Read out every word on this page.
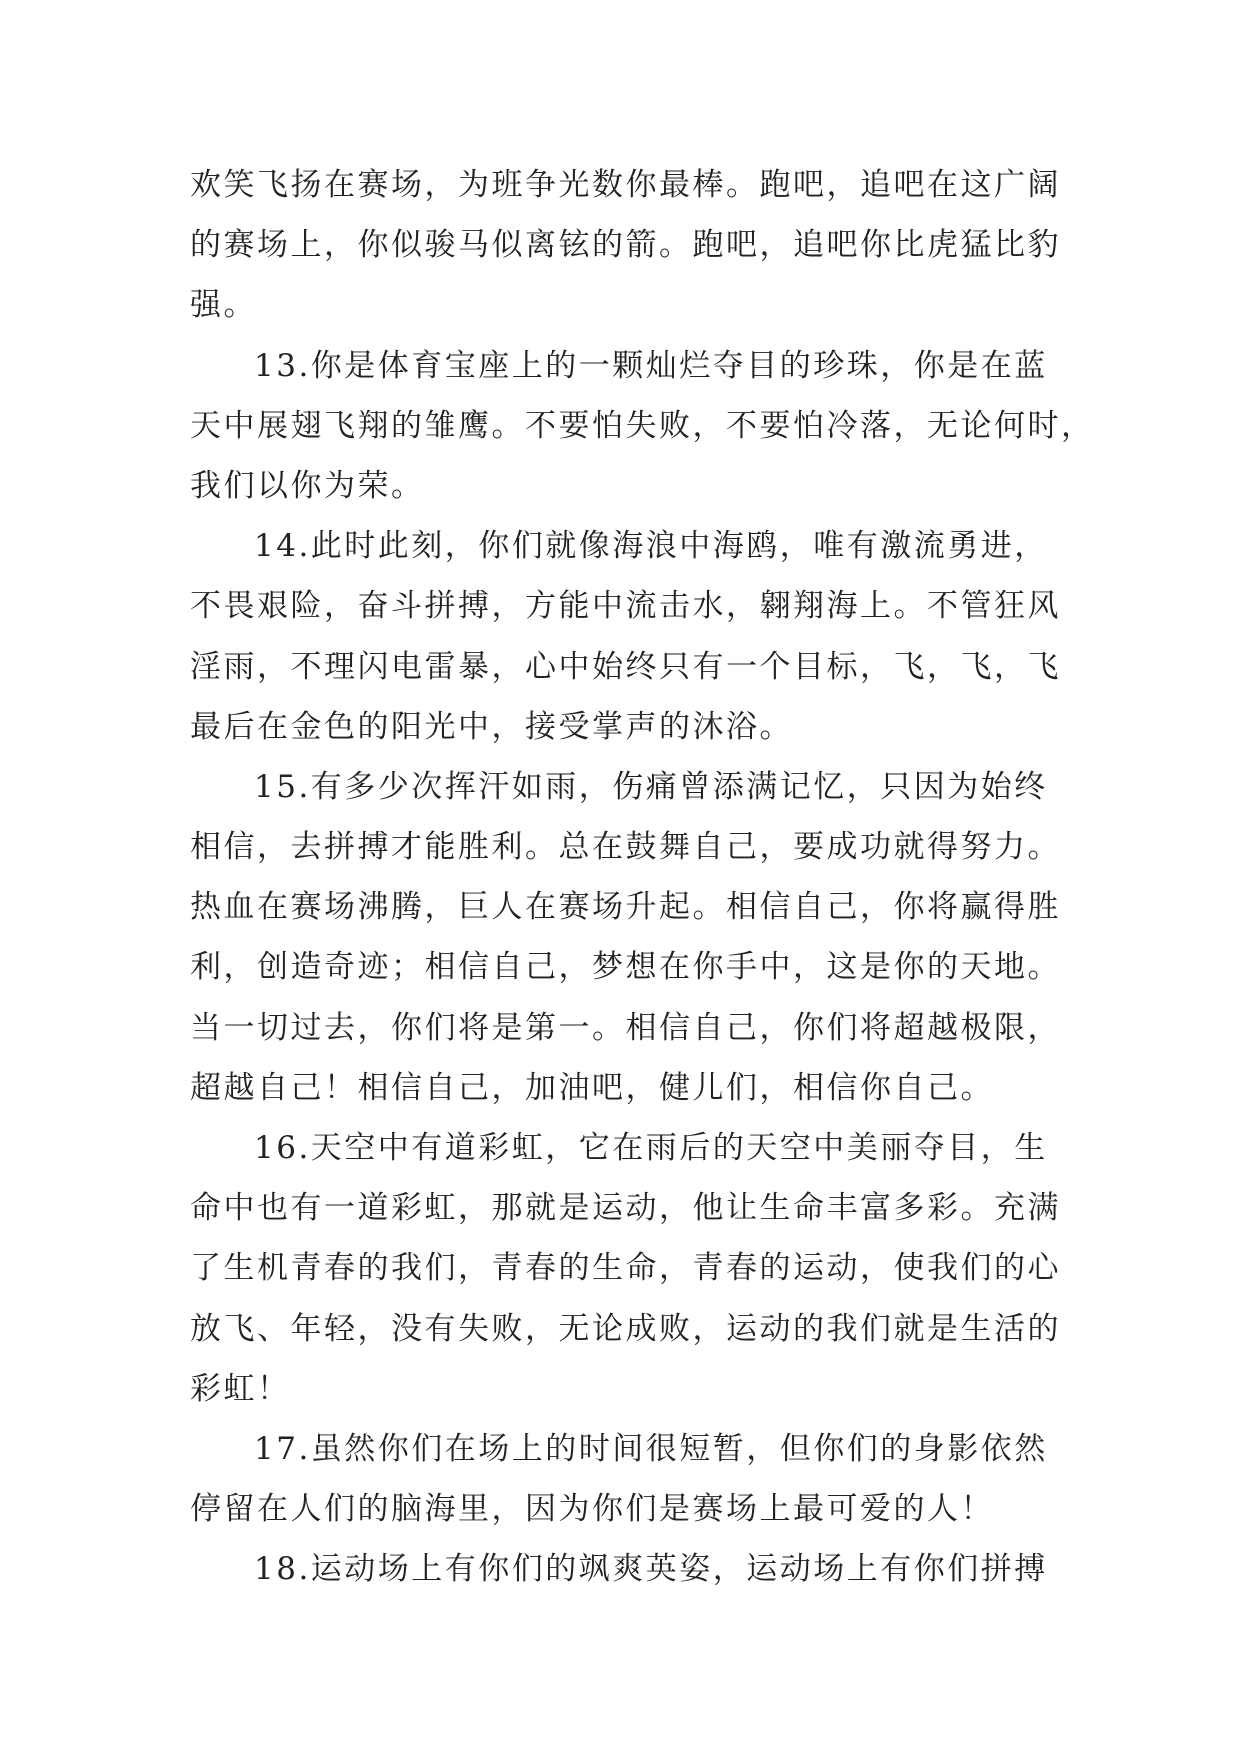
欢笑飞扬在赛场，为班争光数你最棒。跑吧，追吧在这广阔
的赛场上，你似骏马似离铉的箭。跑吧，追吧你比虎猛比豹
强。
13.你是体育宝座上的一颗灿烂夺目的珍珠，你是在蓝
天中展翅飞翔的雏鹰。不要怕失败，不要怕冷落，无论何时，
我们以你为荣。
14.此时此刻，你们就像海浪中海鸥，唯有激流勇进，
不畏艰险，奋斗拼搏，方能中流击水，翱翔海上。不管狂风
淫雨，不理闪电雷暴，心中始终只有一个目标，飞，飞，飞
最后在金色的阳光中，接受掌声的沐浴。
15.有多少次挥汗如雨，伤痛曾添满记忆，只因为始终
相信，去拼搏才能胜利。总在鼓舞自己，要成功就得努力。
热血在赛场沸腾，巨人在赛场升起。相信自己，你将赢得胜
利，创造奇迹；相信自己，梦想在你手中，这是你的天地。
当一切过去，你们将是第一。相信自己，你们将超越极限，
超越自己！相信自己，加油吧，健儿们，相信你自己。
16.天空中有道彩虹，它在雨后的天空中美丽夺目，生
命中也有一道彩虹，那就是运动，他让生命丰富多彩。充满
了生机青春的我们，青春的生命，青春的运动，使我们的心
放飞、年轻，没有失败，无论成败，运动的我们就是生活的
彩虹！
17.虽然你们在场上的时间很短暂，但你们的身影依然
停留在人们的脑海里，因为你们是赛场上最可爱的人！
18.运动场上有你们的飒爽英姿，运动场上有你们拼搏
